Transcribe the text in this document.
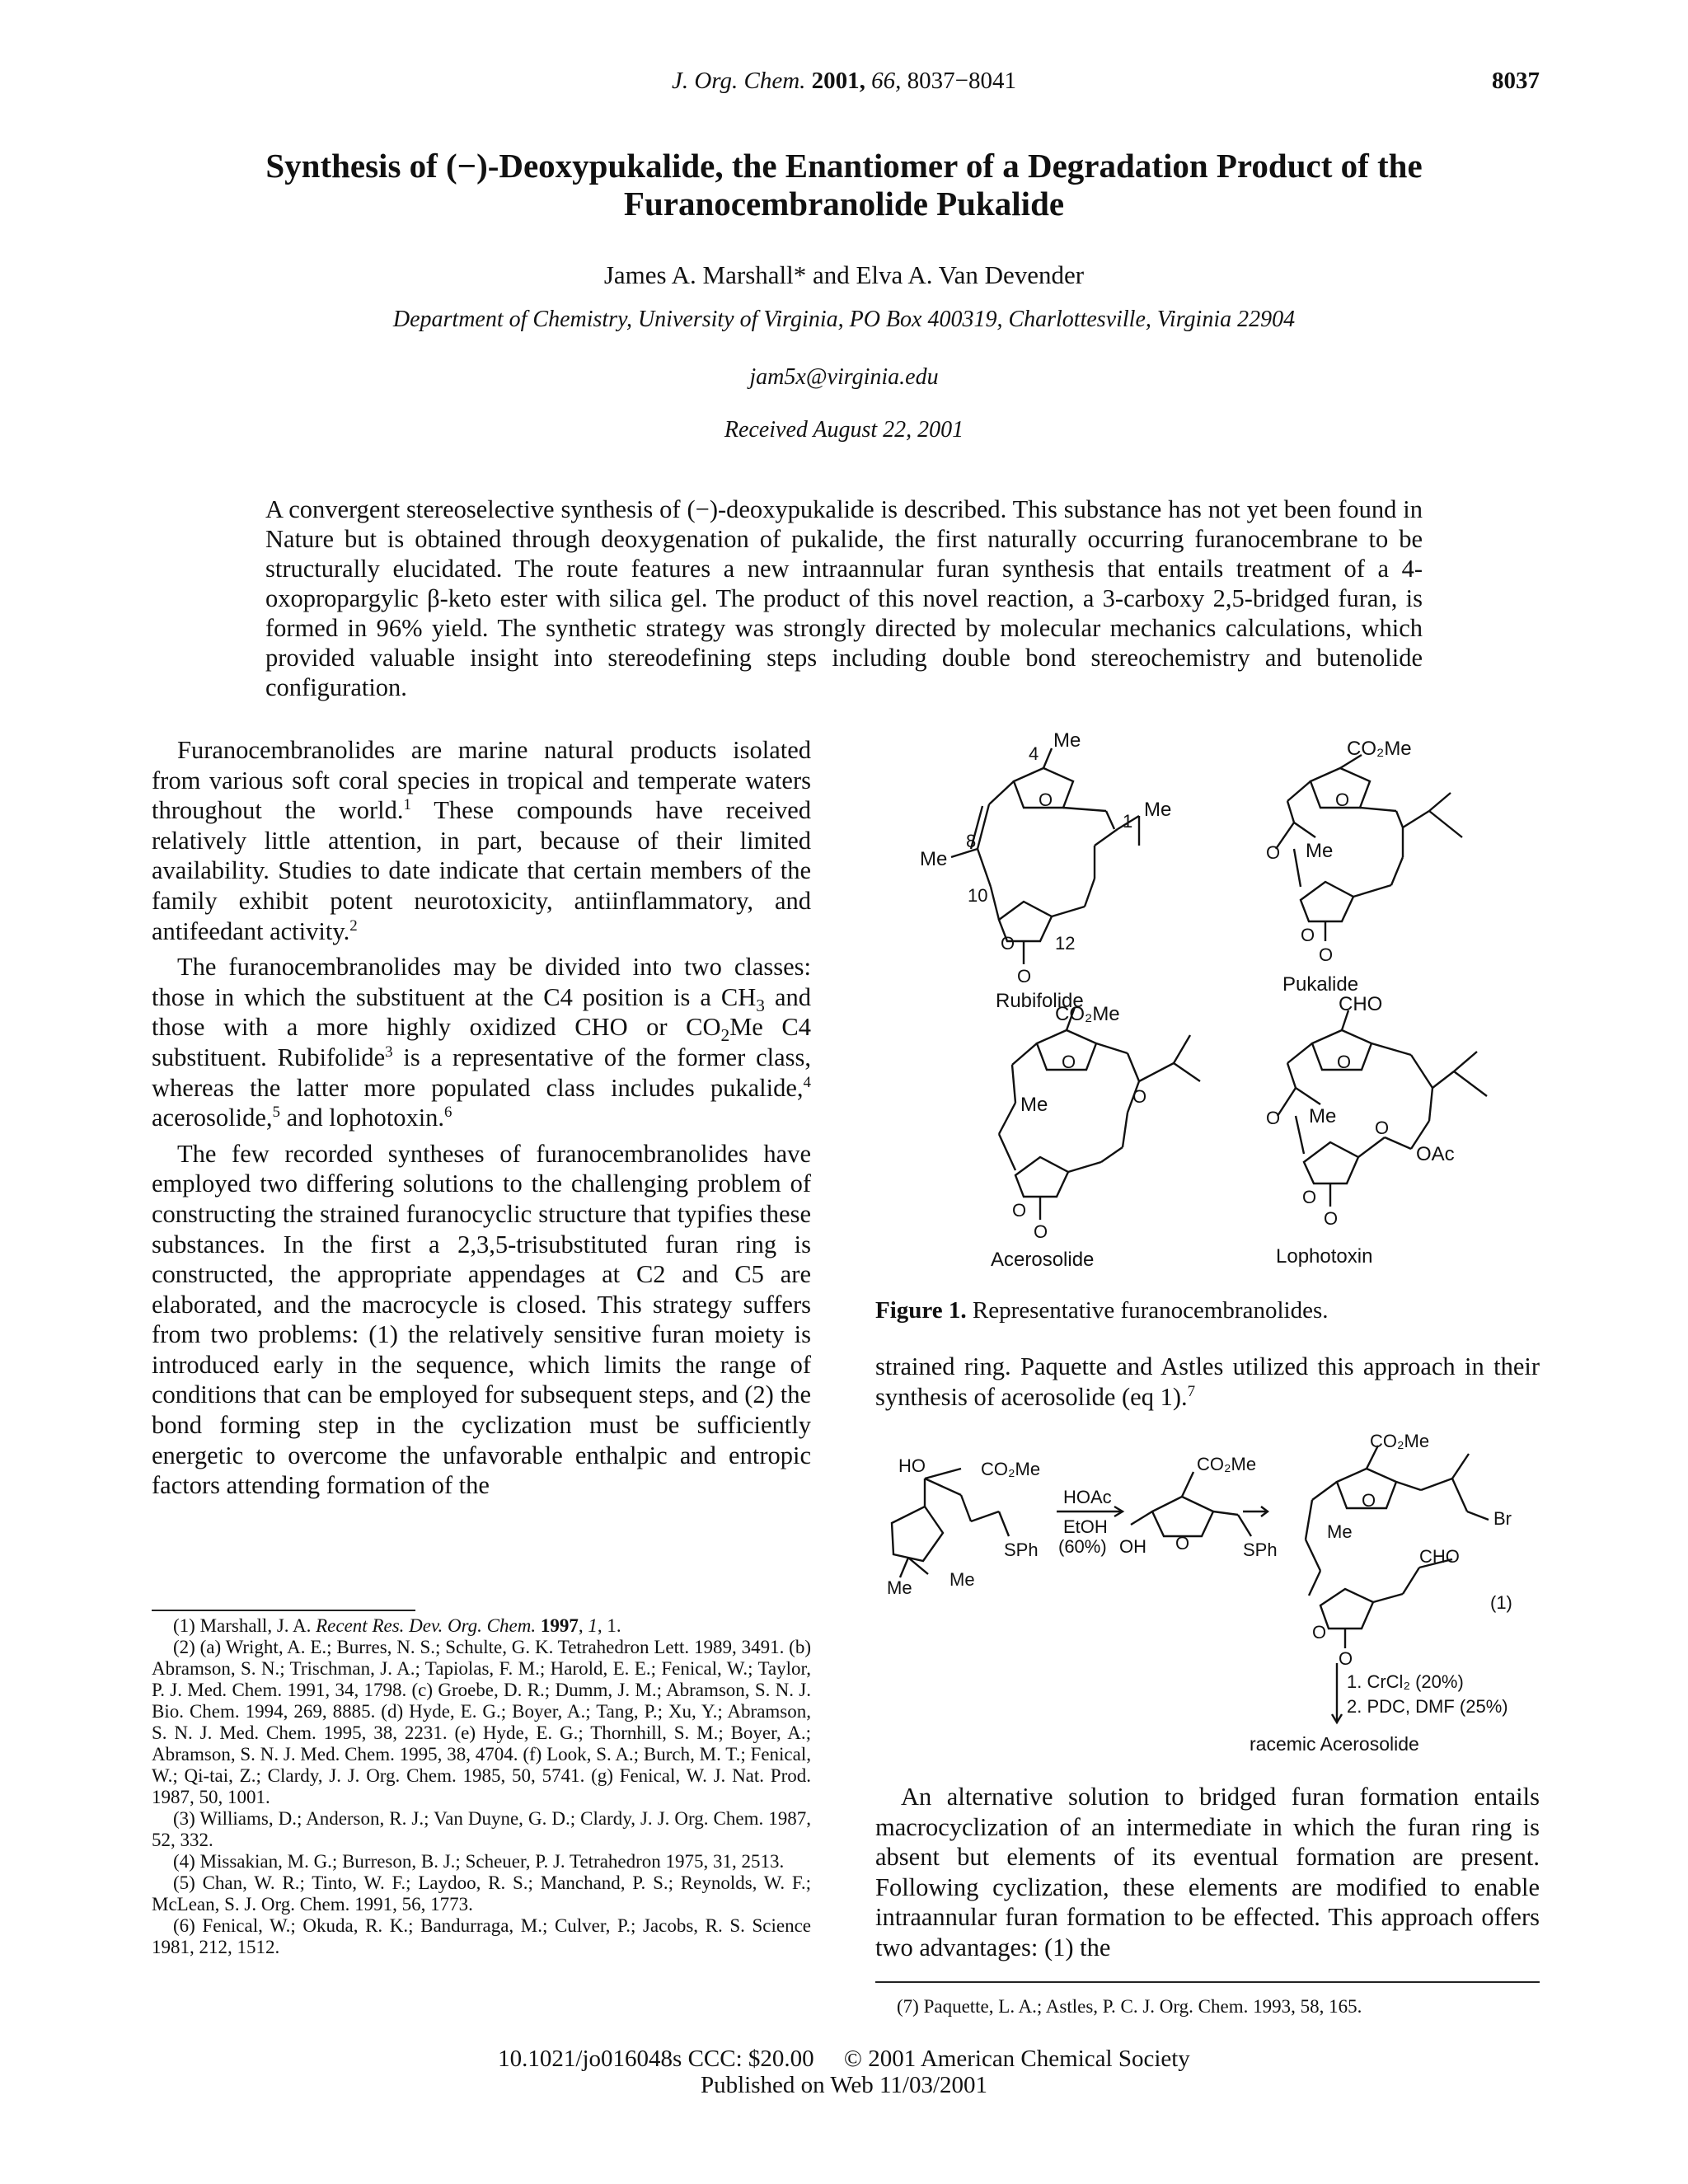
J. Org. Chem. 2001, 66, 8037−8041	8037
Synthesis of (−)-Deoxypukalide, the Enantiomer of a Degradation Product of the Furanocembranolide Pukalide
James A. Marshall* and Elva A. Van Devender
Department of Chemistry, University of Virginia, PO Box 400319, Charlottesville, Virginia 22904
jam5x@virginia.edu
Received August 22, 2001
A convergent stereoselective synthesis of (−)-deoxypukalide is described. This substance has not yet been found in Nature but is obtained through deoxygenation of pukalide, the first naturally occurring furanocembrane to be structurally elucidated. The route features a new intraannular furan synthesis that entails treatment of a 4-oxopropargylic β-keto ester with silica gel. The product of this novel reaction, a 3-carboxy 2,5-bridged furan, is formed in 96% yield. The synthetic strategy was strongly directed by molecular mechanics calculations, which provided valuable insight into stereodefining steps including double bond stereochemistry and butenolide configuration.

Furanocembranolides are marine natural products isolated from various soft coral species in tropical and temperate waters throughout the world.$^1$ These compounds have received relatively little attention, in part, because of their limited availability. Studies to date indicate that certain members of the family exhibit potent neurotoxicity, antiinflammatory, and antifeedant activity.$^2$

The furanocembranolides may be divided into two classes: those in which the substituent at the C4 position is a $CH_3$ and those with a more highly oxidized CHO or $CO_2Me$ C4 substituent. Rubifolide$^3$ is a representative of the former class, whereas the latter more populated class includes pukalide,$^4$ acerosolide,$^5$ and lophotoxin.$^6$

The few recorded syntheses of furanocembranolides have employed two differing solutions to the challenging problem of constructing the strained furanocyclic structure that typifies these substances. In the first a 2,3,5-trisubstituted furan ring is constructed, the appropriate appendages at C2 and C5 are elaborated, and the macrocycle is closed. This strategy suffers from two problems: (1) the relatively sensitive furan moiety is introduced early in the sequence, which limits the range of conditions that can be employed for subsequent steps, and (2) the bond forming step in the cyclization must be sufficiently energetic to overcome the unfavorable enthalpic and entropic factors attending formation of the

(1) Marshall, J. A. Recent Res. Dev. Org. Chem. 1997, 1, 1.

(2) (a) Wright, A. E.; Burres, N. S.; Schulte, G. K. Tetrahedron Lett. 1989, 3491. (b) Abramson, S. N.; Trischman, J. A.; Tapiolas, F. M.; Harold, E. E.; Fenical, W.; Taylor, P. J. Med. Chem. 1991, 34, 1798. (c) Groebe, D. R.; Dumm, J. M.; Abramson, S. N. J. Bio. Chem. 1994, 269, 8885. (d) Hyde, E. G.; Boyer, A.; Tang, P.; Xu, Y.; Abramson, S. N. J. Med. Chem. 1995, 38, 2231. (e) Hyde, E. G.; Thornhill, S. M.; Boyer, A.; Abramson, S. N. J. Med. Chem. 1995, 38, 4704. (f) Look, S. A.; Burch, M. T.; Fenical, W.; Qi-tai, Z.; Clardy, J. J. Org. Chem. 1985, 50, 5741. (g) Fenical, W. J. Nat. Prod. 1987, 50, 1001.

(3) Williams, D.; Anderson, R. J.; Van Duyne, G. D.; Clardy, J. J. Org. Chem. 1987, 52, 332.

(4) Missakian, M. G.; Burreson, B. J.; Scheuer, P. J. Tetrahedron 1975, 31, 2513.

(5) Chan, W. R.; Tinto, W. F.; Laydoo, R. S.; Manchand, P. S.; Reynolds, W. F.; McLean, S. J. Org. Chem. 1991, 56, 1773.

(6) Fenical, W.; Okuda, R. K.; Bandurraga, M.; Culver, P.; Jacobs, R. S. Science 1981, 212, 1512.

Me
4
O
8
Me
1
Me
10
12
O
O
Rubifolide
CO₂Me
O
O Me
O
O
Pukalide
CO₂Me
O
Me	O
O
O
Acerosolide
CHO
O
O Me
O
OAc
O
O
Lophotoxin
Figure 1. Representative furanocembranolides.

strained ring. Paquette and Astles utilized this approach in their synthesis of acerosolide (eq 1).$^7$

HO	CO₂Me
SPh
Me Me
HOAc
EtOH
(60%) OH O
CO₂Me
SPh
CO₂Me
O
Me
CHO
Br
O
O
(1)
1. CrCl₂ (20%)
2. PDC, DMF (25%)
racemic Acerosolide

An alternative solution to bridged furan formation entails macrocyclization of an intermediate in which the furan ring is absent but elements of its eventual formation are present. Following cyclization, these elements are modified to enable intraannular furan formation to be effected. This approach offers two advantages: (1) the

(7) Paquette, L. A.; Astles, P. C. J. Org. Chem. 1993, 58, 165.
10.1021/jo016048s CCC: $20.00 © 2001 American Chemical Society
Published on Web 11/03/2001
